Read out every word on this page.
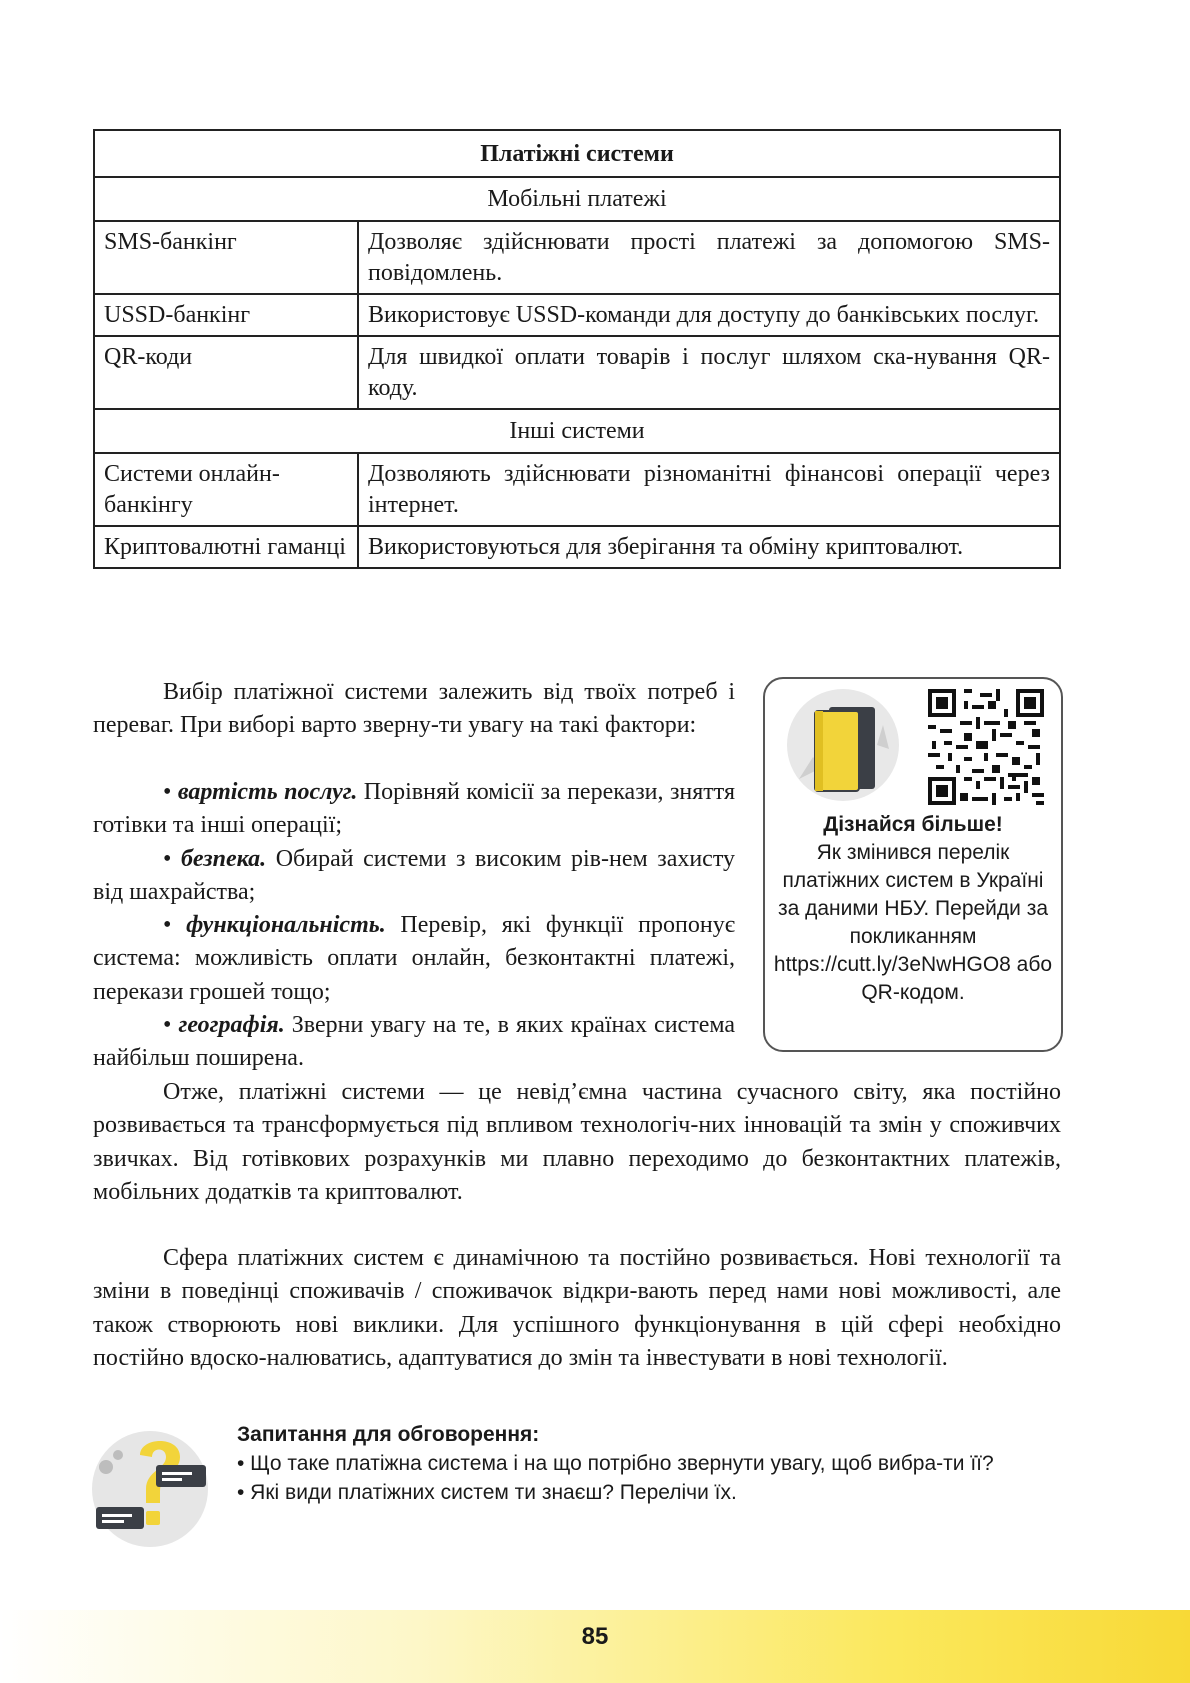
Платіжні системи	
Мобільні платежі	
SMS-банкінг	Дозволяє здійснювати прості платежі за допомогою SMS-повідомлень.
USSD-банкінг	Використовує USSD-команди для доступу до банківських послуг.
QR-коди	Для швидкої оплати товарів і послуг шляхом ска-нування QR-коду.
Інші системи	
Системи онлайн-банкінгу	Дозволяють здійснювати різноманітні фінансові операції через інтернет.
Криптовалютні гаманці	Використовуються для зберігання та обміну криптовалют.

Вибір платіжної системи залежить від твоїх потреб і переваг. При виборі варто зверну-ти увагу на такі фактори:

• вартість послуг. Порівняй комісії за перекази, зняття готівки та інші операції;

• безпека. Обирай системи з високим рів-нем захисту від шахрайства;

• функціональність. Перевір, які функції пропонує система: можливість оплати онлайн, безконтактні платежі, перекази грошей тощо;

• географія. Зверни увагу на те, в яких країнах система найбільш поширена.

Дізнайся більше!
Як змінився перелік платіжних систем в Україні за даними НБУ. Перейди за покликанням https://cutt.ly/3eNwHGO8 або QR-кодом.

Отже, платіжні системи — це невід’ємна частина сучасного світу, яка постійно розвивається та трансформується під впливом технологіч-них інновацій та змін у споживчих звичках. Від готівкових розрахунків ми плавно переходимо до безконтактних платежів, мобільних додатків та криптовалют.

Сфера платіжних систем є динамічною та постійно розвивається. Нові технології та зміни в поведінці споживачів / споживачок відкри-вають перед нами нові можливості, але також створюють нові виклики. Для успішного функціонування в цій сфері необхідно постійно вдоско-налюватись, адаптуватися до змін та інвестувати в нові технології.

Запитання для обговорення:

• Що таке платіжна система і на що потрібно звернути увагу, щоб вибра-ти її?

• Які види платіжних систем ти знаєш? Перелічи їх.

85
